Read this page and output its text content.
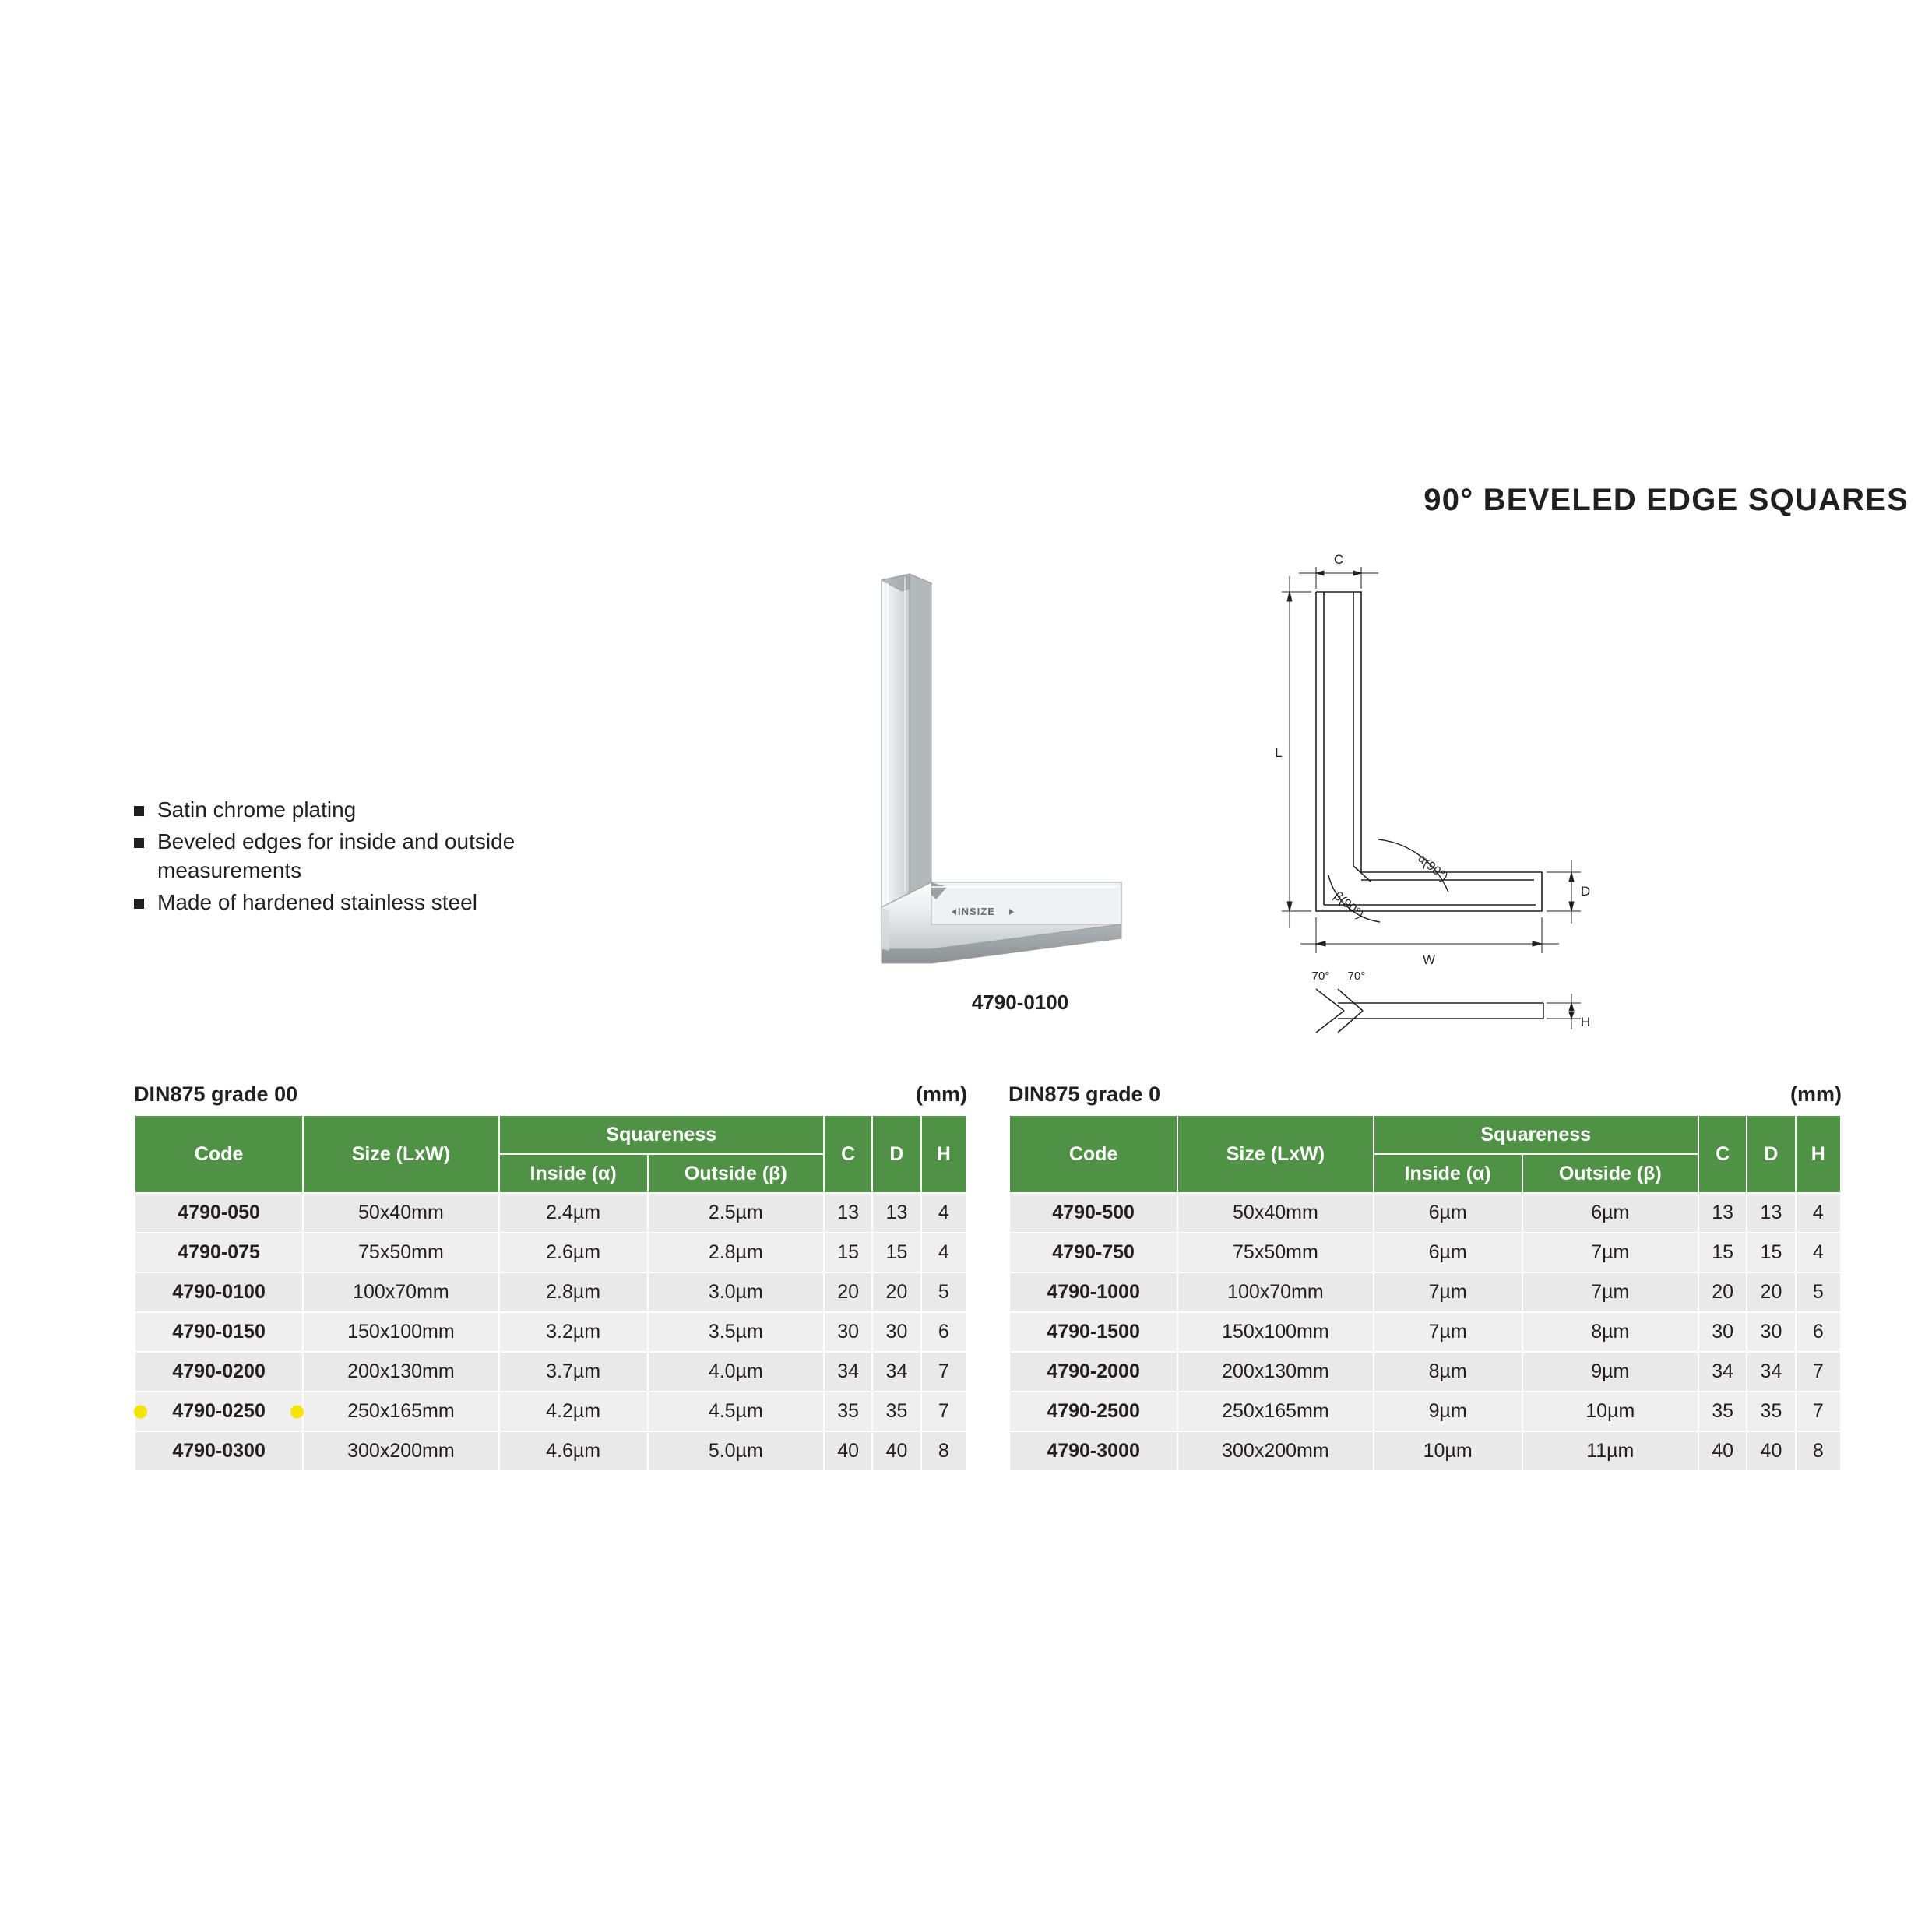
90° BEVELED EDGE SQUARES
Satin chrome plating
Beveled edges for inside and outside measurements
Made of hardened stainless steel	INSIZE
4790-0100
C
L
W
D
α(90°)
β(90°)
70° 70°
H
DIN875 grade 00	(mm)
Code	Size (LxW)	Squareness		C	D	H
		Inside (α)	Outside (β)			
4790-050	50x40mm	2.4µm	2.5µm	13	13	4
4790-075	75x50mm	2.6µm	2.8µm	15	15	4
4790-0100	100x70mm	2.8µm	3.0µm	20	20	5
4790-0150	150x100mm	3.2µm	3.5µm	30	30	6
4790-0200	200x130mm	3.7µm	4.0µm	34	34	7

4790-0250	250x165mm	4.2µm	4.5µm	35	35	7
4790-0300	300x200mm	4.6µm	5.0µm	40	40	8
DIN875 grade 0	(mm)
Code	Size (LxW)	Squareness		C	D	H
		Inside (α)	Outside (β)			
4790-500	50x40mm	6µm	6µm	13	13	4
4790-750	75x50mm	6µm	7µm	15	15	4
4790-1000	100x70mm	7µm	7µm	20	20	5
4790-1500	150x100mm	7µm	8µm	30	30	6
4790-2000	200x130mm	8µm	9µm	34	34	7
4790-2500	250x165mm	9µm	10µm	35	35	7
4790-3000	300x200mm	10µm	11µm	40	40	8
